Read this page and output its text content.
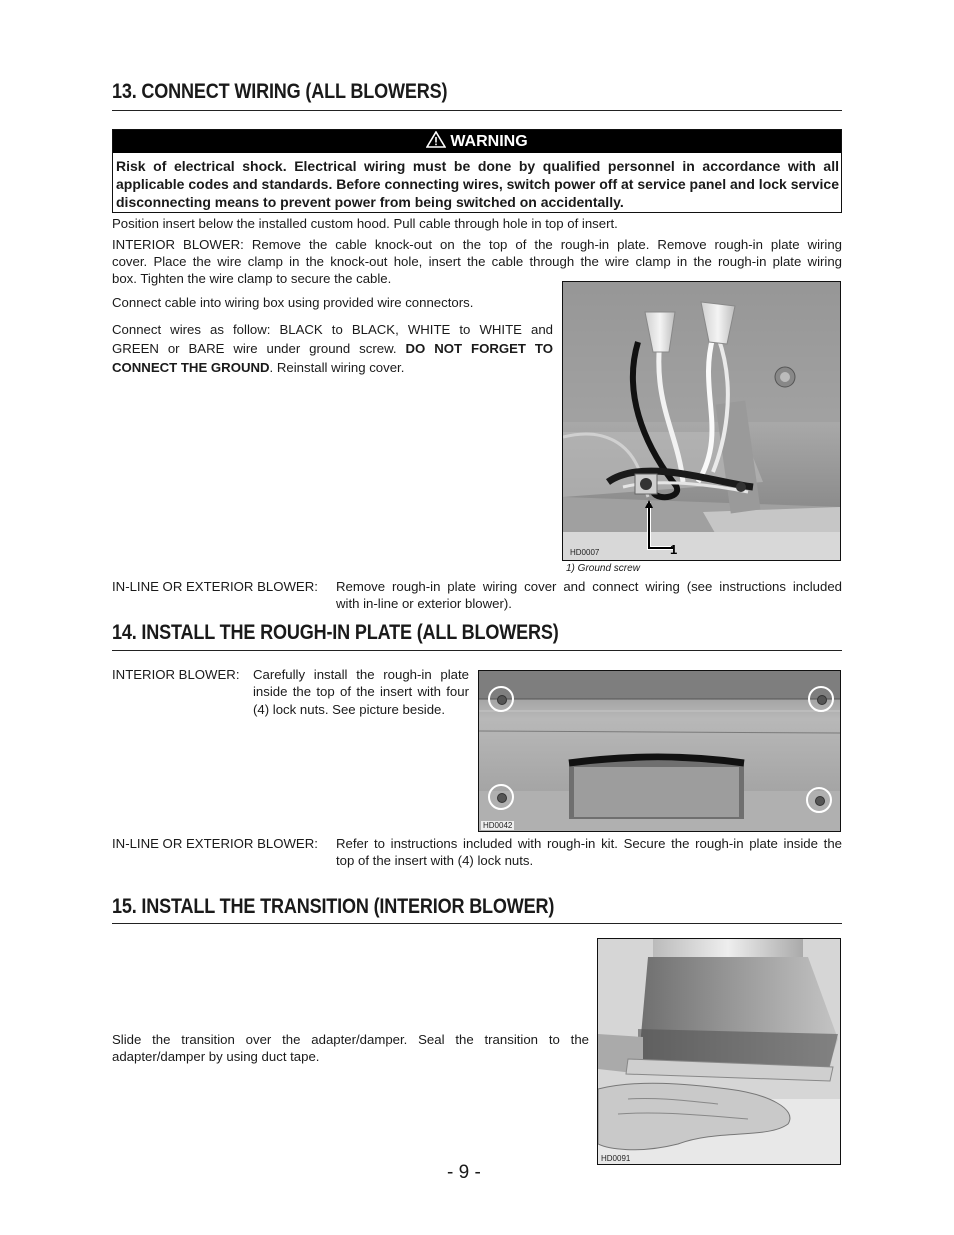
13. CONNECT WIRING (ALL BLOWERS)
WARNING
Risk of electrical shock. Electrical wiring must be done by qualified personnel in accordance with all applicable codes and standards. Before connecting wires, switch power off at service panel and lock service disconnecting means to prevent power from being switched on accidentally.
Position insert below the installed custom hood. Pull cable through hole in top of insert.
INTERIOR BLOWER: Remove the cable knock-out on the top of the rough-in plate. Remove rough-in plate wiring
cover. Place the wire clamp in the knock-out hole, insert the cable through the wire clamp in the rough-in plate wiring
box. Tighten the wire clamp to secure the cable.
Connect cable into wiring box using provided wire connectors.
Connect wires as follow: BLACK to BLACK, WHITE to WHITE and
GREEN or BARE wire under ground screw. DO NOT FORGET TO
CONNECT THE GROUND. Reinstall wiring cover.
HD0007	1
1) Ground screw
IN-LINE OR EXTERIOR BLOWER: Remove rough-in plate wiring cover and connect wiring (see instructions included
with in-line or exterior blower).
14. INSTALL THE ROUGH-IN PLATE (ALL BLOWERS)
INTERIOR BLOWER: Carefully install the rough-in plate
inside the top of the insert with four
(4) lock nuts. See picture beside.
HD0042
IN-LINE OR EXTERIOR BLOWER: Refer to instructions included with rough-in kit. Secure the rough-in plate inside the
top of the insert with (4) lock nuts.
15. INSTALL THE TRANSITION (INTERIOR BLOWER)
Slide the transition over the adapter/damper. Seal the transition to the
adapter/damper by using duct tape.
HD0091
- 9 -
